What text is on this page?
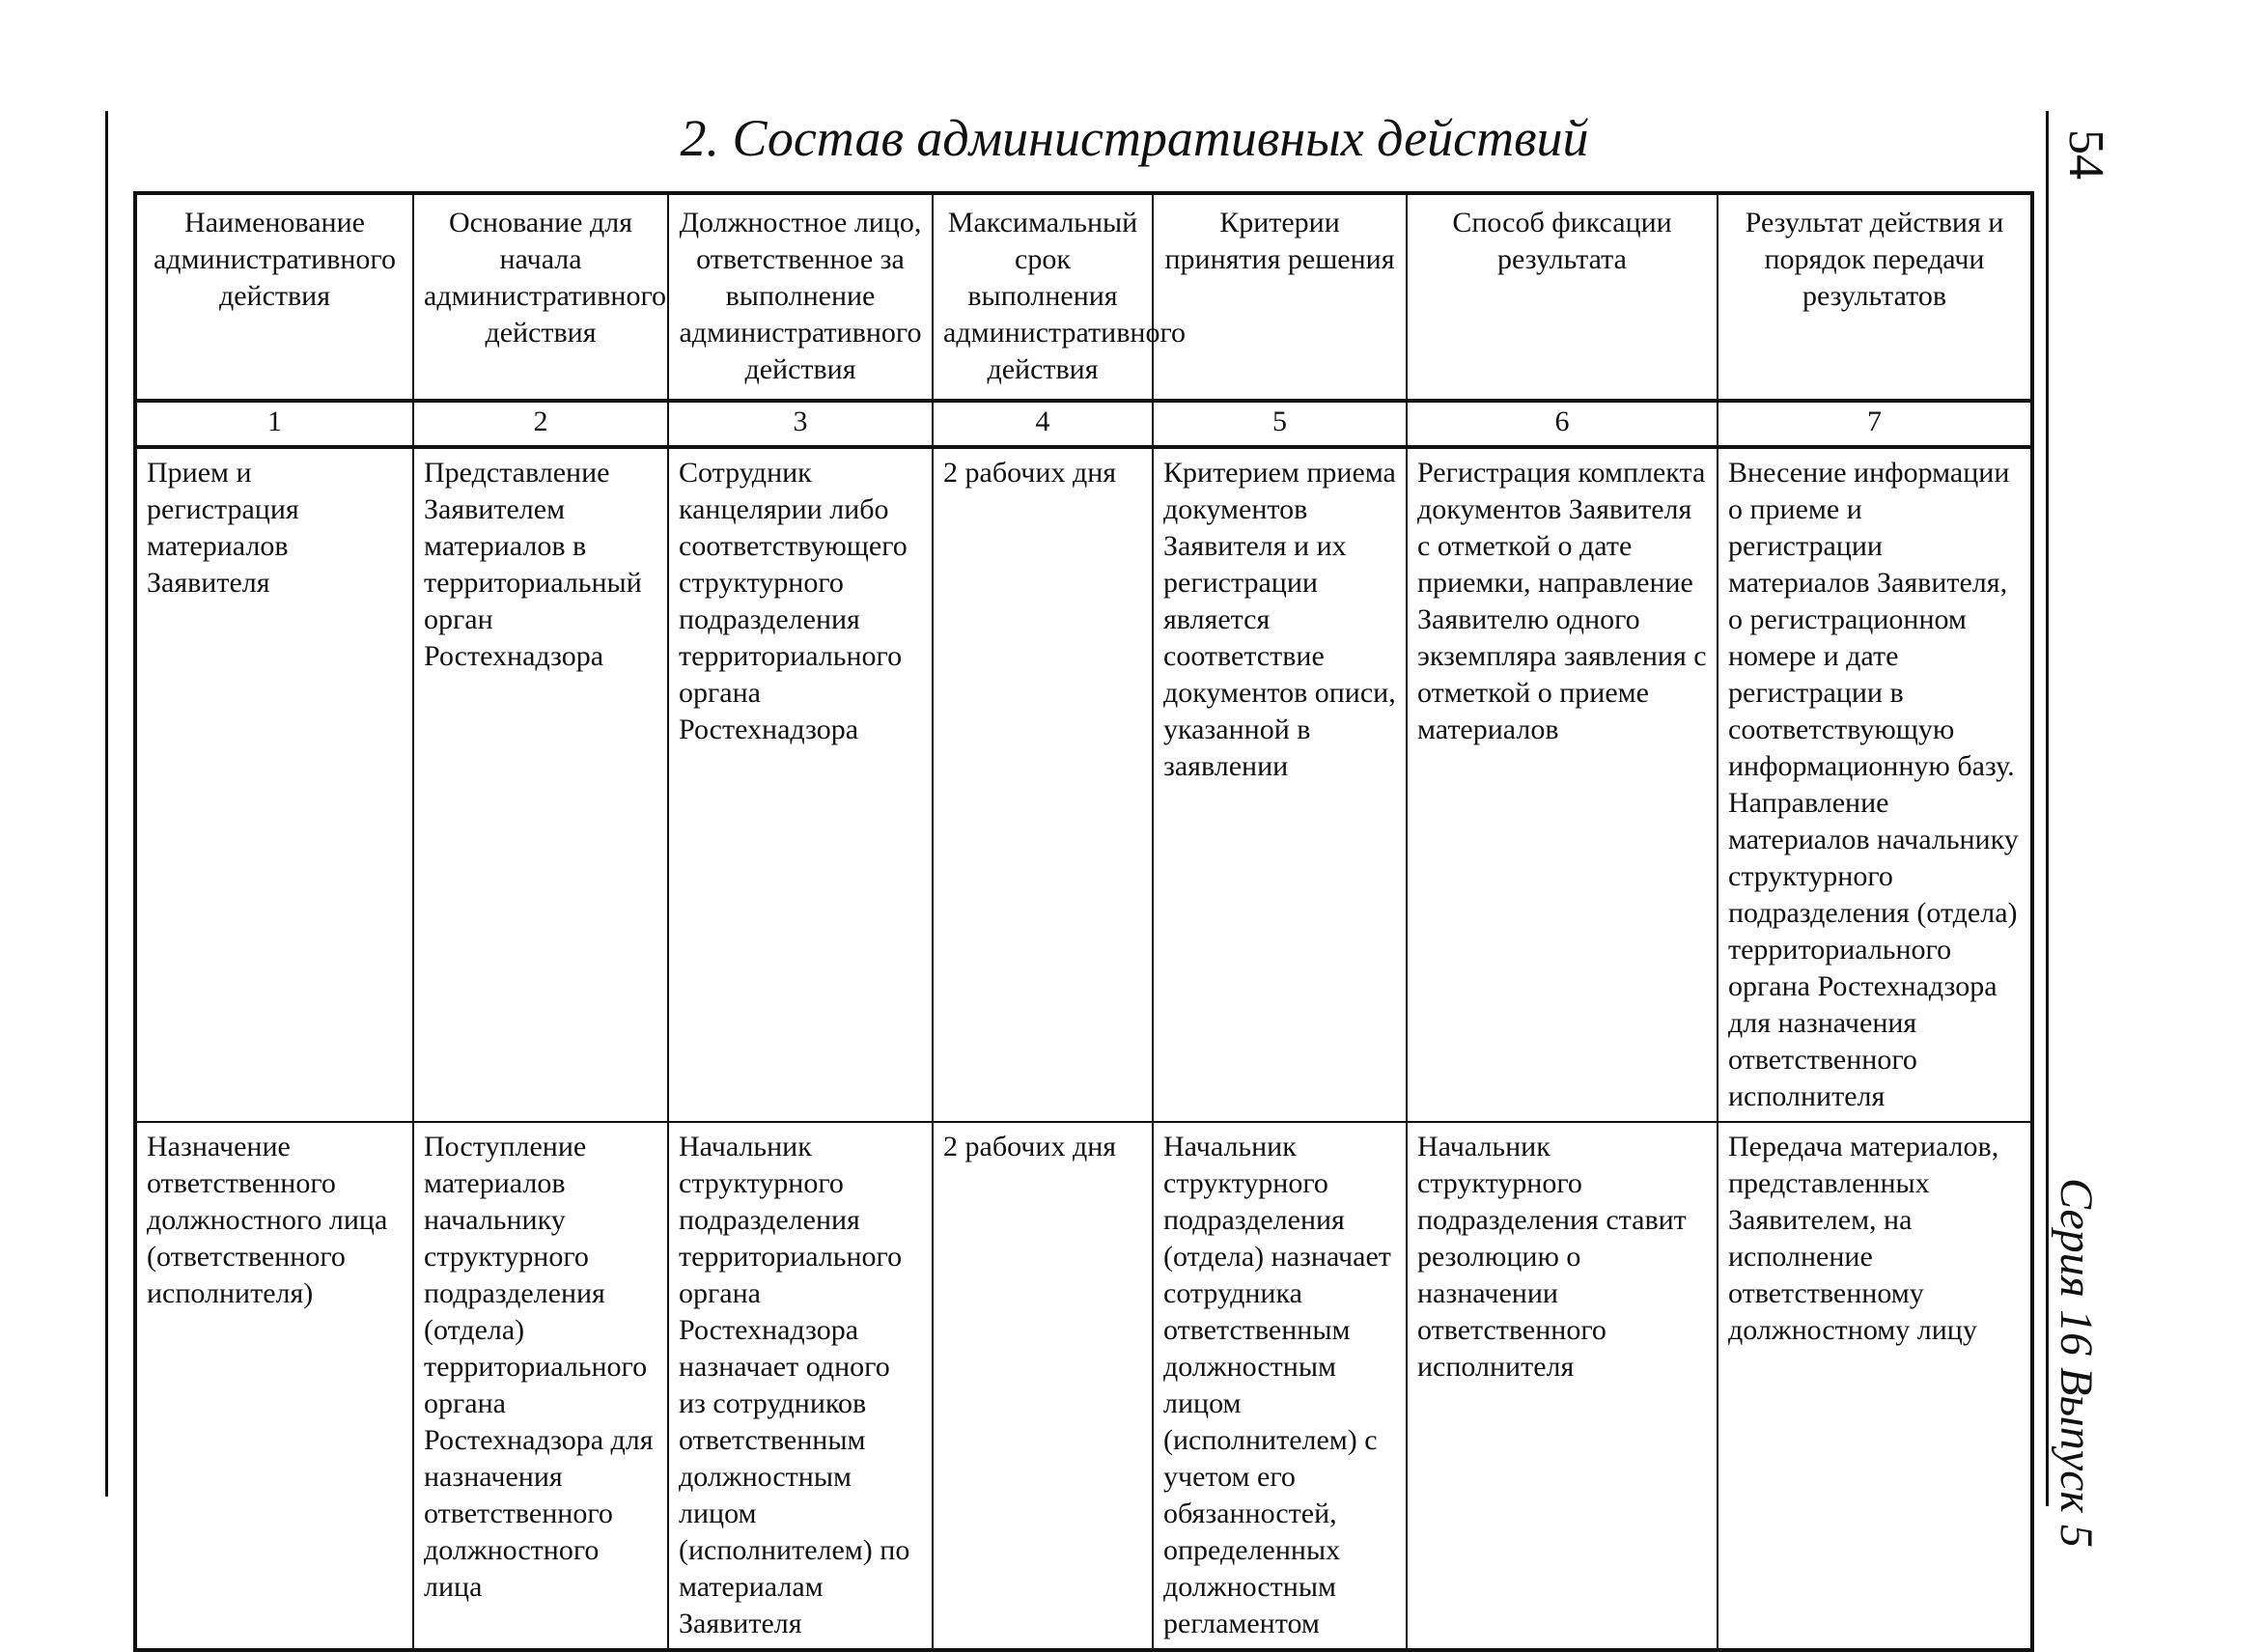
54
Серия 16 Выпуск 5
2. Состав административных действий
Наименование административного действия	Основание для начала административного действия	Должностное лицо, ответственное за выполнение административного действия	Максимальный срок выполнения административного действия	Критерии принятия решения	Способ фиксации результата	Результат действия и порядок передачи результатов
1	2	3	4	5	6	7
Прием и регистрация материалов Заявителя	Представление Заявителем материалов в территориальный орган Ростехнадзора	Сотрудник канцелярии либо соответствующего структурного подразделения территориального органа Ростехнадзора	2 рабочих дня	Критерием приема документов Заявителя и их регистрации является соответствие документов описи, указанной в заявлении	Регистрация комплекта документов Заявителя с отметкой о дате приемки, направление Заявителю одного экземпляра заявления с отметкой о приеме материалов	Внесение информации о приеме и регистрации материалов Заявителя, о регистрационном номере и дате регистрации в соответствующую информационную базу. Направление материалов начальнику структурного подразделения (отдела) территориального органа Ростехнадзора для назначения ответственного исполнителя
Назначение ответственного должностного лица (ответственного исполнителя)	Поступление материалов начальнику структурного подразделения (отдела) территориального органа Ростехнадзора для назначения ответственного должностного лица	Начальник структурного подразделения территориального органа Ростехнадзора назначает одного из сотрудников ответственным должностным лицом (исполнителем) по материалам Заявителя	2 рабочих дня	Начальник структурного подразделения (отдела) назначает сотрудника ответственным должностным лицом (исполнителем) с учетом его обязанностей, определенных должностным регламентом	Начальник структурного подразделения ставит резолюцию о назначении ответственного исполнителя	Передача материалов, представленных Заявителем, на исполнение ответственному должностному лицу
